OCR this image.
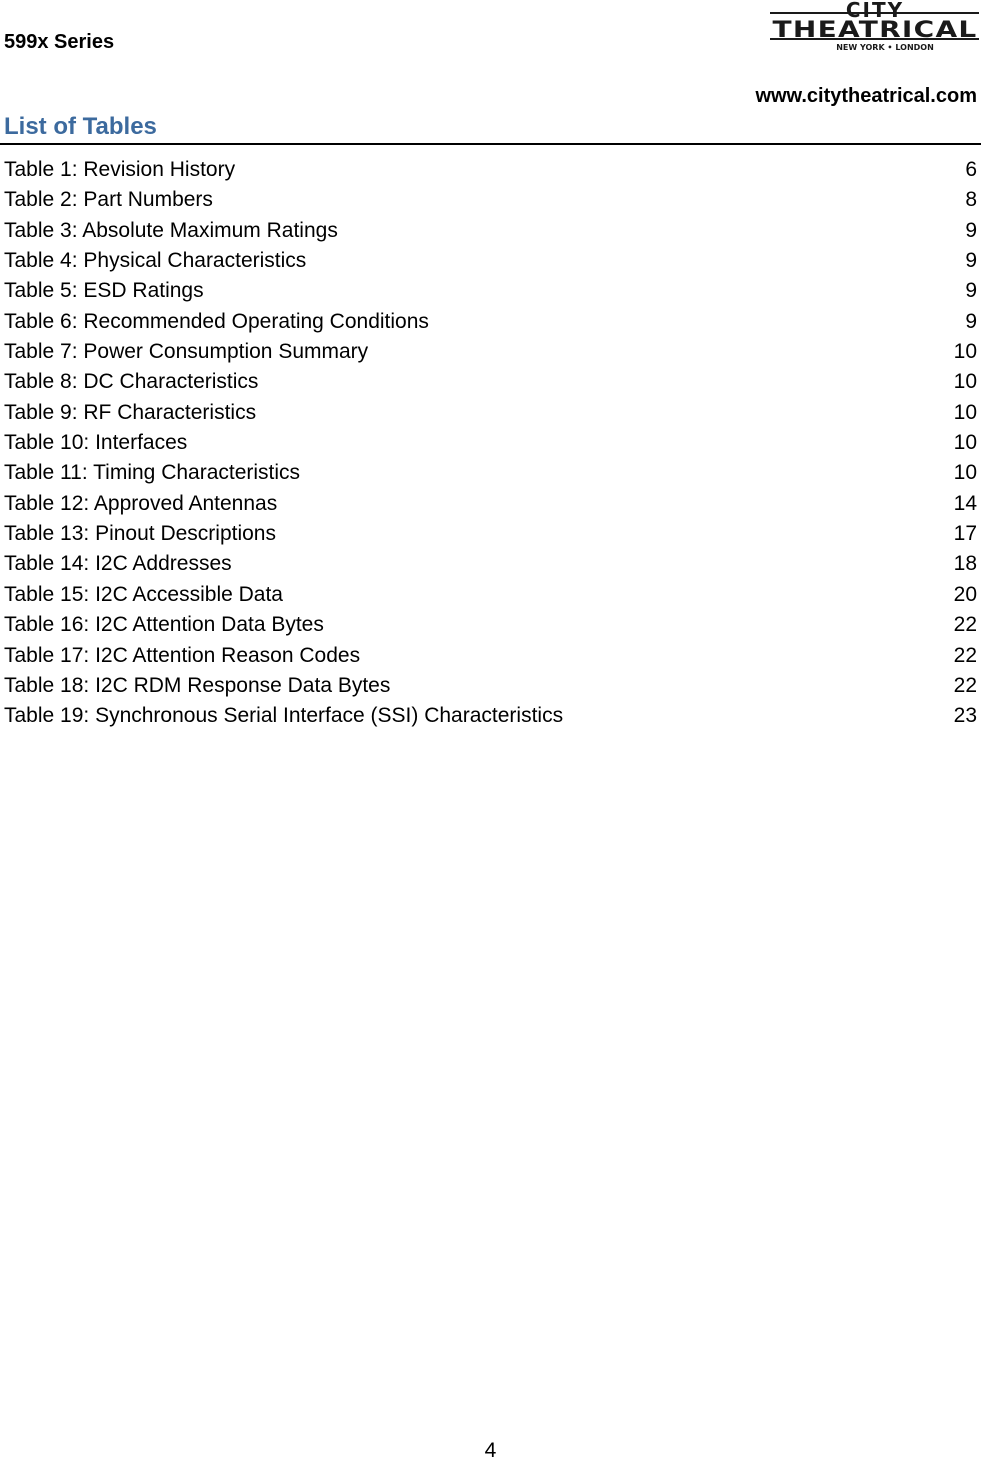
599x Series
CITY
THEATRICAL
NEW YORK • LONDON
www.citytheatrical.com
List of Tables
Table 1: Revision History	6
Table 2: Part Numbers	8
Table 3: Absolute Maximum Ratings	9
Table 4: Physical Characteristics	9
Table 5: ESD Ratings	9
Table 6: Recommended Operating Conditions	9
Table 7: Power Consumption Summary	10
Table 8: DC Characteristics	10
Table 9: RF Characteristics	10
Table 10: Interfaces	10
Table 11: Timing Characteristics	10
Table 12: Approved Antennas	14
Table 13: Pinout Descriptions	17
Table 14: I2C Addresses	18
Table 15: I2C Accessible Data	20
Table 16: I2C Attention Data Bytes	22
Table 17: I2C Attention Reason Codes	22
Table 18: I2C RDM Response Data Bytes	22
Table 19: Synchronous Serial Interface (SSI) Characteristics	23
4
